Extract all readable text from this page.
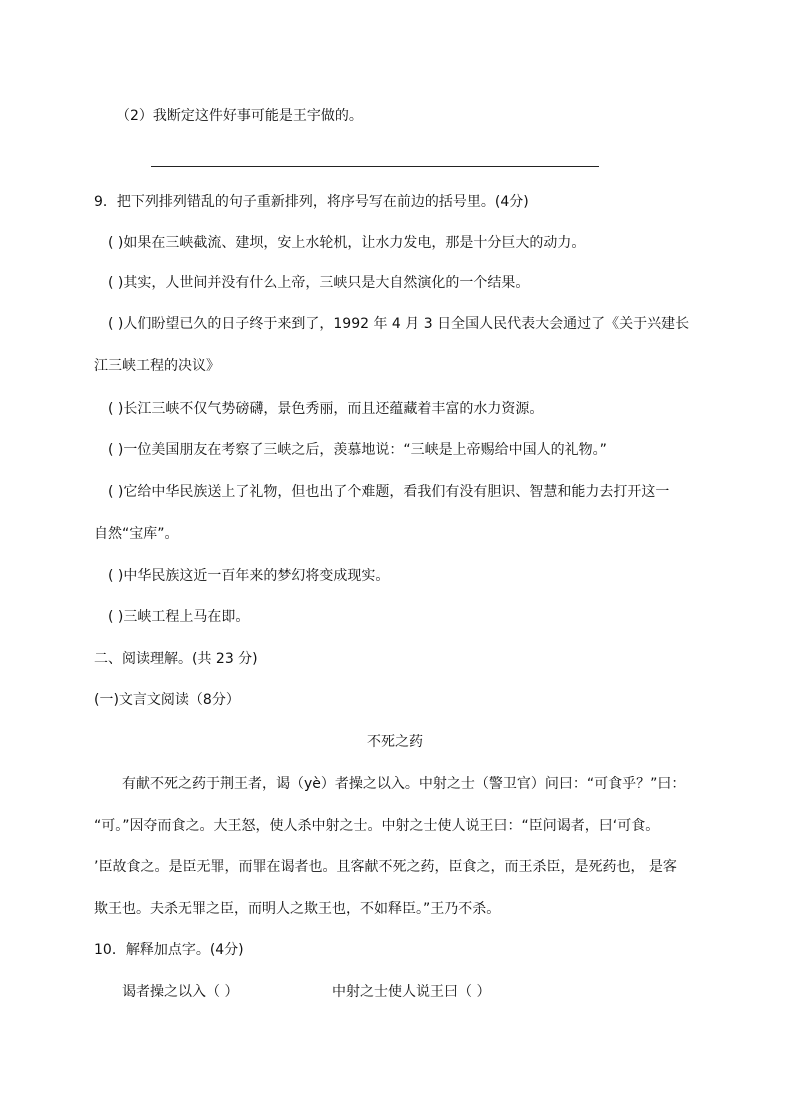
（2）我断定这件好事可能是王宇做的。
9．把下列排列错乱的句子重新排列，将序号写在前边的括号里。(4分)
( )如果在三峡截流、建坝，安上水轮机，让水力发电，那是十分巨大的动力。
( )其实，人世间并没有什么上帝，三峡只是大自然演化的一个结果。
( )人们盼望已久的日子终于来到了，1992 年 4 月 3 日全国人民代表大会通过了《关于兴建长
江三峡工程的决议》
( )长江三峡不仅气势磅礴，景色秀丽，而且还蕴藏着丰富的水力资源。
( )一位美国朋友在考察了三峡之后，羡慕地说：“三峡是上帝赐给中国人的礼物。”
( )它给中华民族送上了礼物，但也出了个难题，看我们有没有胆识、智慧和能力去打开这一
自然“宝库”。
( )中华民族这近一百年来的梦幻将变成现实。
( )三峡工程上马在即。
二、阅读理解。(共 23 分)
(一)文言文阅读（8分）
不死之药
有献不死之药于荆王者，谒（yè）者操之以入。中射之士（警卫官）问曰：“可食乎？”曰：
“可。”因夺而食之。大王怒，使人杀中射之士。中射之士使人说王曰：“臣问谒者，曰‘可食。
’臣故食之。是臣无罪，而罪在谒者也。且客献不死之药，臣食之，而王杀臣，是死药也， 是客
欺王也。夫杀无罪之臣，而明人之欺王也，不如释臣。”王乃不杀。
10．解释加点字。(4分)
谒者操之以入（ ）	中射之士使人说王曰（ ）
